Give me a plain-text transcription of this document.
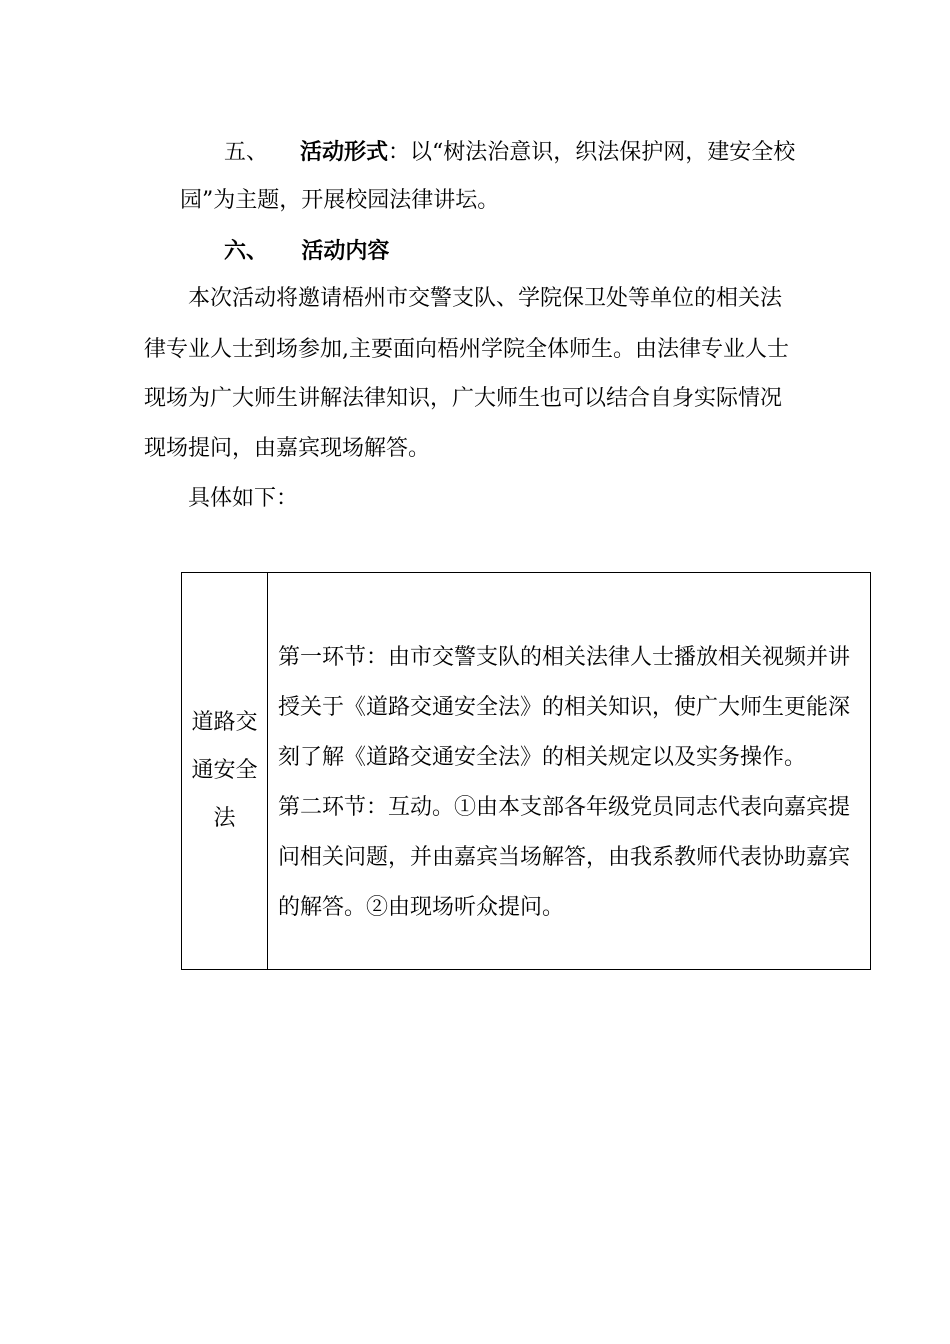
五、 活动形式：以“树法治意识，织法保护网，建安全校
园”为主题，开展校园法律讲坛。
六、 活动内容
本次活动将邀请梧州市交警支队、学院保卫处等单位的相关法
律专业人士到场参加,主要面向梧州学院全体师生。由法律专业人士
现场为广大师生讲解法律知识，广大师生也可以结合自身实际情况
现场提问，由嘉宾现场解答。
具体如下：
道路交
通安全
法
第一环节：由市交警支队的相关法律人士播放相关视频并讲
授关于《道路交通安全法》的相关知识，使广大师生更能深
刻了解《道路交通安全法》的相关规定以及实务操作。
第二环节：互动。①由本支部各年级党员同志代表向嘉宾提
问相关问题，并由嘉宾当场解答，由我系教师代表协助嘉宾
的解答。②由现场听众提问。
